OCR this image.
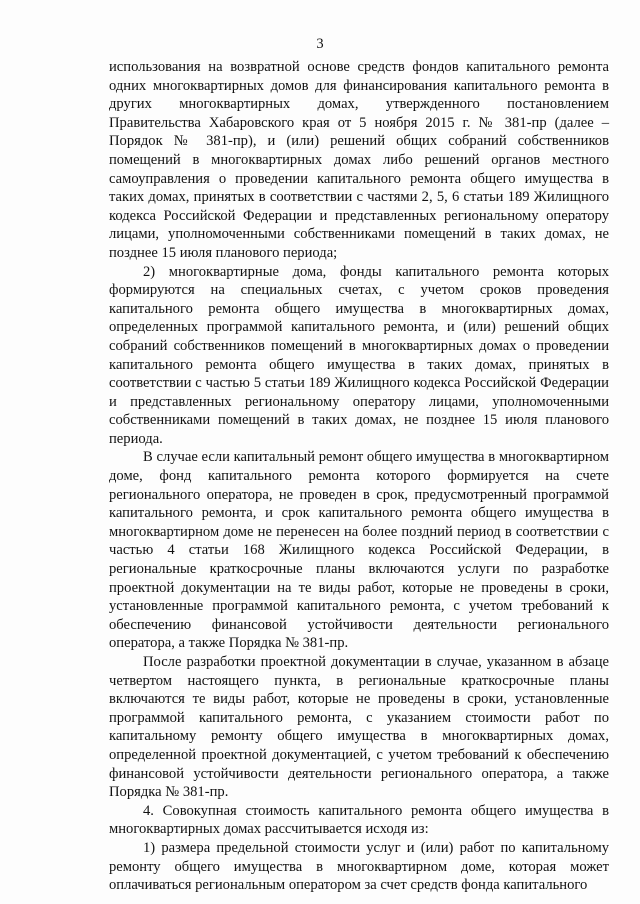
3

использования на возвратной основе средств фондов капитального ремонта одних многоквартирных домов для финансирования капитального ремонта в других многоквартирных домах, утвержденного постановлением Правительства Хабаровского края от 5 ноября 2015 г. № 381-пр (далее – Порядок № 381-пр), и (или) решений общих собраний собственников помещений в многоквартирных домах либо решений органов местного самоуправления о проведении капитального ремонта общего имущества в таких домах, принятых в соответствии с частями 2, 5, 6 статьи 189 Жилищного кодекса Российской Федерации и представленных региональному оператору лицами, уполномоченными собственниками помещений в таких домах, не позднее 15 июля планового периода;

2) многоквартирные дома, фонды капитального ремонта которых формируются на специальных счетах, с учетом сроков проведения капитального ремонта общего имущества в многоквартирных домах, определенных программой капитального ремонта, и (или) решений общих собраний собственников помещений в многоквартирных домах о проведении капитального ремонта общего имущества в таких домах, принятых в соответствии с частью 5 статьи 189 Жилищного кодекса Российской Федерации и представленных региональному оператору лицами, уполномоченными собственниками помещений в таких домах, не позднее 15 июля планового периода.

В случае если капитальный ремонт общего имущества в многоквартирном доме, фонд капитального ремонта которого формируется на счете регионального оператора, не проведен в срок, предусмотренный программой капитального ремонта, и срок капитального ремонта общего имущества в многоквартирном доме не перенесен на более поздний период в соответствии с частью 4 статьи 168 Жилищного кодекса Российской Федерации, в региональные краткосрочные планы включаются услуги по разработке проектной документации на те виды работ, которые не проведены в сроки, установленные программой капитального ремонта, с учетом требований к обеспечению финансовой устойчивости деятельности регионального оператора, а также Порядка № 381-пр.

После разработки проектной документации в случае, указанном в абзаце четвертом настоящего пункта, в региональные краткосрочные планы включаются те виды работ, которые не проведены в сроки, установленные программой капитального ремонта, с указанием стоимости работ по капитальному ремонту общего имущества в многоквартирных домах, определенной проектной документацией, с учетом требований к обеспечению финансовой устойчивости деятельности регионального оператора, а также Порядка № 381-пр.

4. Совокупная стоимость капитального ремонта общего имущества в многоквартирных домах рассчитывается исходя из:

1) размера предельной стоимости услуг и (или) работ по капитальному ремонту общего имущества в многоквартирном доме, которая может оплачиваться региональным оператором за счет средств фонда капитального
